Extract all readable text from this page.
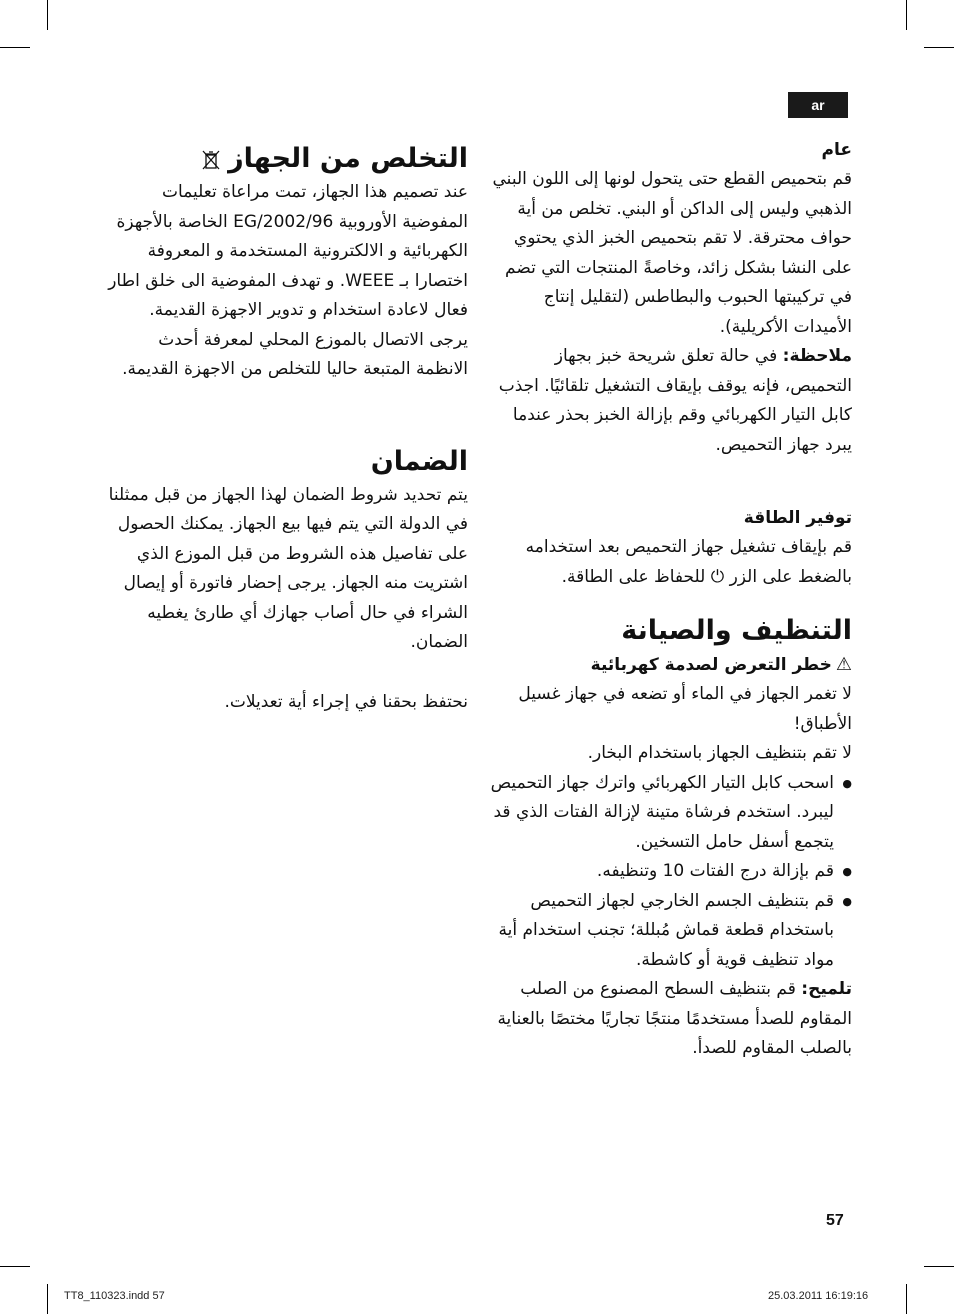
ar
عام

قم بتحميص القطع حتى يتحول لونها إلى اللون البني الذهبي وليس إلى الداكن أو البني. تخلص من أية حواف محترقة. لا تقم بتحميص الخبز الذي يحتوي على النشا بشكل زائد، وخاصةً المنتجات التي تضم في تركيبتها الحبوب والبطاطس (لتقليل إنتاج الأميدات الأكريلية).

ملاحظة: في حالة تعلق شريحة خبز بجهاز التحميص، فإنه يوقف بإيقاف التشغيل تلقائيًا. اجذب كابل التيار الكهربائي وقم بإزالة الخبز بحذر عندما يبرد جهاز التحميص.

توفير الطاقة

قم بإيقاف تشغيل جهاز التحميص بعد استخدامه بالضغط على الزر ⏻ للحفاظ على الطاقة.

التنظيف والصيانة
⚠خطر التعرض لصدمة كهربائية

لا تغمر الجهاز في الماء أو تضعه في جهاز غسيل الأطباق!

لا تقم بتنظيف الجهاز باستخدام البخار.

● اسحب كابل التيار الكهربائي واترك جهاز التحميص ليبرد. استخدم فرشاة متينة لإزالة الفتات الذي قد يتجمع أسفل حامل التسخين.
● قم بإزالة درج الفتات 10 وتنظيفه.
● قم بتنظيف الجسم الخارجي لجهاز التحميص باستخدام قطعة قماش مُبللة؛ تجنب استخدام أية مواد تنظيف قوية أو كاشطة.

تلميح: قم بتنظيف السطح المصنوع من الصلب المقاوم للصدأ مستخدمًا منتجًا تجاريًا مختصًا بالعناية بالصلب المقاوم للصدأ.

التخلص من الجهاز

عند تصميم هذا الجهاز، تمت مراعاة تعليمات المفوضية الأوروبية 2002/96/EG الخاصة بالأجهزة الكهربائية و الالكترونية المستخدمة و المعروفة اختصارا بـ WEEE. و تهدف المفوضية الى خلق اطار فعال لاعادة استخدام و تدوير الاجهزة القديمة.

يرجى الاتصال بالموزع المحلي لمعرفة أحدث الانظمة المتبعة حاليا للتخلص من الاجهزة القديمة.

الضمان

يتم تحديد شروط الضمان لهذا الجهاز من قبل ممثلنا في الدولة التي يتم فيها بيع الجهاز. يمكنك الحصول على تفاصيل هذه الشروط من قبل الموزع الذي اشتريت منه الجهاز. يرجى إحضار فاتورة أو إيصال الشراء في حال أصاب جهازك أي طارئ يغطيه الضمان.

نحتفظ بحقنا في إجراء أية تعديلات.

57
TT8_110323.indd 57	25.03.2011 16:19:16
